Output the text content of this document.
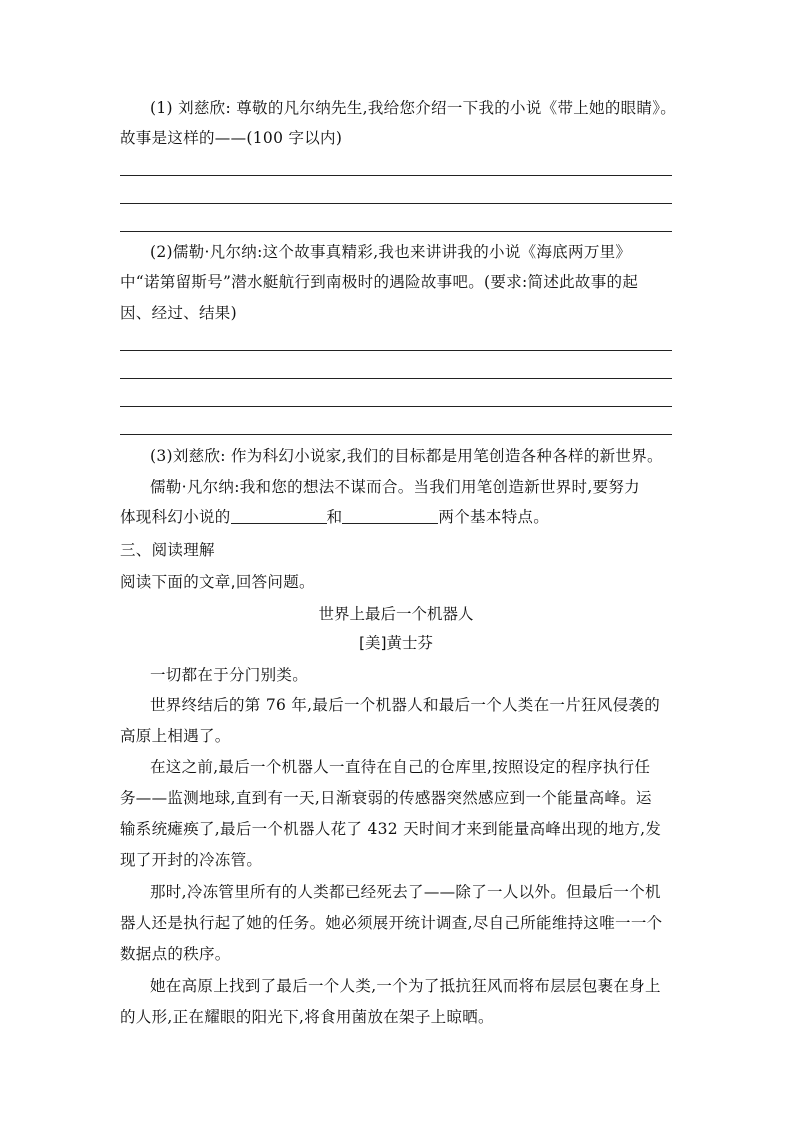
(1) 刘慈欣: 尊敬的凡尔纳先生,我给您介绍一下我的小说《带上她的眼睛》。
故事是这样的——(100 字以内)
(2)儒勒·凡尔纳:这个故事真精彩,我也来讲讲我的小说《海底两万里》
中“诺第留斯号”潜水艇航行到南极时的遇险故事吧。(要求:简述此故事的起
因、经过、结果)
(3)刘慈欣: 作为科幻小说家,我们的目标都是用笔创造各种各样的新世界。
儒勒·凡尔纳:我和您的想法不谋而合。当我们用笔创造新世界时,要努力
体现科幻小说的	和	两个基本特点。
三、阅读理解
阅读下面的文章,回答问题。
世界上最后一个机器人
[美]黄士芬
一切都在于分门别类。
世界终结后的第 76 年,最后一个机器人和最后一个人类在一片狂风侵袭的
高原上相遇了。
在这之前,最后一个机器人一直待在自己的仓库里,按照设定的程序执行任
务——监测地球,直到有一天,日渐衰弱的传感器突然感应到一个能量高峰。运
输系统瘫痪了,最后一个机器人花了 432 天时间才来到能量高峰出现的地方,发
现了开封的冷冻管。
那时,冷冻管里所有的人类都已经死去了——除了一人以外。但最后一个机
器人还是执行起了她的任务。她必须展开统计调查,尽自己所能维持这唯一一个
数据点的秩序。
她在高原上找到了最后一个人类,一个为了抵抗狂风而将布层层包裹在身上
的人形,正在耀眼的阳光下,将食用菌放在架子上晾晒。
